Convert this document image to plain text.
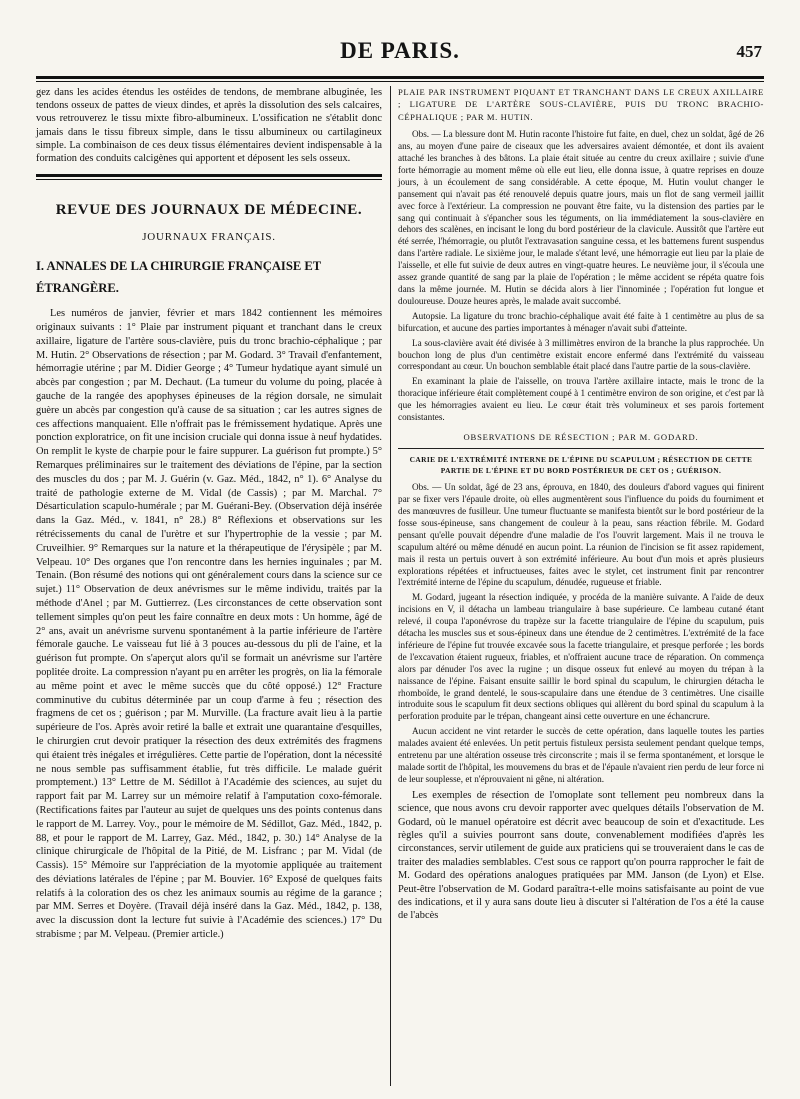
DE PARIS.	457

gez dans les acides étendus les ostéides de tendons, de membrane albuginée, les tendons osseux de pattes de vieux dindes, et après la dissolution des sels calcaires, vous retrouverez le tissu mixte fibro-albumineux. L'ossification ne s'établit donc jamais dans le tissu fibreux simple, dans le tissu albumineux ou cartilagineux simple. La combinaison de ces deux tissus élémentaires devient indispensable à la formation des conduits calcigènes qui apportent et déposent les sels osseux.

REVUE DES JOURNAUX DE MÉDECINE.
JOURNAUX FRANÇAIS.
I. ANNALES DE LA CHIRURGIE FRANÇAISE ET ÉTRANGÈRE.

Les numéros de janvier, février et mars 1842 contiennent les mémoires originaux suivants : 1° Plaie par instrument piquant et tranchant dans le creux axillaire, ligature de l'artère sous-clavière, puis du tronc brachio-céphalique ; par M. Hutin. 2° Observations de résection ; par M. Godard. 3° Travail d'enfantement, hémorragie utérine ; par M. Didier George ; 4° Tumeur hydatique ayant simulé un abcès par congestion ; par M. Dechaut. (La tumeur du volume du poing, placée à gauche de la rangée des apophyses épineuses de la région dorsale, ne simulait guère un abcès par congestion qu'à cause de sa situation ; car les autres signes de ces affections manquaient. Elle n'offrait pas le frémissement hydatique. Après une ponction exploratrice, on fit une incision cruciale qui donna issue à neuf hydatides. On remplit le kyste de charpie pour le faire suppurer. La guérison fut prompte.) 5° Remarques préliminaires sur le traitement des déviations de l'épine, par la section des muscles du dos ; par M. J. Guérin (v. Gaz. Méd., 1842, n° 1). 6° Analyse du traité de pathologie externe de M. Vidal (de Cassis) ; par M. Marchal. 7° Désarticulation scapulo-humérale ; par M. Guérani-Bey. (Observation déjà insérée dans la Gaz. Méd., v. 1841, n° 28.) 8° Réflexions et observations sur les rétrécissements du canal de l'urètre et sur l'hypertrophie de la vessie ; par M. Cruveilhier. 9° Remarques sur la nature et la thérapeutique de l'érysipèle ; par M. Velpeau. 10° Des organes que l'on rencontre dans les hernies inguinales ; par M. Tenain. (Bon résumé des notions qui ont généralement cours dans la science sur ce sujet.) 11° Observation de deux anévrismes sur le même individu, traités par la méthode d'Anel ; par M. Guttierrez. (Les circonstances de cette observation sont tellement simples qu'on peut les faire connaître en deux mots : Un homme, âgé de 2° ans, avait un anévrisme survenu spontanément à la partie inférieure de l'artère fémorale gauche. Le vaisseau fut lié à 3 pouces au-dessous du pli de l'aine, et la guérison fut prompte. On s'aperçut alors qu'il se formait un anévrisme sur l'artère poplitée droite. La compression n'ayant pu en arrêter les progrès, on lia la fémorale au même point et avec le même succès que du côté opposé.) 12° Fracture comminutive du cubitus déterminée par un coup d'arme à feu ; résection des fragmens de cet os ; guérison ; par M. Murville. (La fracture avait lieu à la partie supérieure de l'os. Après avoir retiré la balle et extrait une quarantaine d'esquilles, le chirurgien crut devoir pratiquer la résection des deux extrémités des fragmens qui étaient très inégales et irrégulières. Cette partie de l'opération, dont la nécessité ne nous semble pas suffisamment établie, fut très difficile. Le malade guérit promptement.) 13° Lettre de M. Sédillot à l'Académie des sciences, au sujet du rapport fait par M. Larrey sur un mémoire relatif à l'amputation coxo-fémorale. (Rectifications faites par l'auteur au sujet de quelques uns des points contenus dans le rapport de M. Larrey. Voy., pour le mémoire de M. Sédillot, Gaz. Méd., 1842, p. 88, et pour le rapport de M. Larrey, Gaz. Méd., 1842, p. 30.) 14° Analyse de la clinique chirurgicale de l'hôpital de la Pitié, de M. Lisfranc ; par M. Vidal (de Cassis). 15° Mémoire sur l'appréciation de la myotomie appliquée au traitement des déviations latérales de l'épine ; par M. Bouvier. 16° Exposé de quelques faits relatifs à la coloration des os chez les animaux soumis au régime de la garance ; par MM. Serres et Doyère. (Travail déjà inséré dans la Gaz. Méd., 1842, p. 138, avec la discussion dont la lecture fut suivie à l'Académie des sciences.) 17° Du strabisme ; par M. Velpeau. (Premier article.)

PLAIE PAR INSTRUMENT PIQUANT ET TRANCHANT DANS LE CREUX AXILLAIRE ; LIGATURE DE L'ARTÈRE SOUS-CLAVIÈRE, PUIS DU TRONC BRACHIO-CÉPHALIQUE ; PAR M. HUTIN.

Obs. — La blessure dont M. Hutin raconte l'histoire fut faite, en duel, chez un soldat, âgé de 26 ans, au moyen d'une paire de ciseaux que les adversaires avaient démontée, et dont ils avaient attaché les branches à des bâtons. La plaie était située au centre du creux axillaire ; suivie d'une forte hémorragie au moment même où elle eut lieu, elle donna issue, à quatre reprises en douze jours, à un écoulement de sang considérable. A cette époque, M. Hutin voulut changer le pansement qui n'avait pas été renouvelé depuis quatre jours, mais un flot de sang vermeil jaillit avec force à l'extérieur. La compression ne pouvant être faite, vu la distension des parties par le sang qui continuait à s'épancher sous les téguments, on lia immédiatement la sous-clavière en dehors des scalènes, en incisant le long du bord postérieur de la clavicule. Aussitôt que l'artère eut été serrée, l'hémorragie, ou plutôt l'extravasation sanguine cessa, et les battemens furent suspendus dans l'artère radiale. Le sixième jour, le malade s'étant levé, une hémorragie eut lieu par la plaie de l'aisselle, et elle fut suivie de deux autres en vingt-quatre heures. Le neuvième jour, il s'écoula une assez grande quantité de sang par la plaie de l'opération ; le même accident se répéta quatre fois dans la même journée. M. Hutin se décida alors à lier l'innominée ; l'opération fut longue et douloureuse. Douze heures après, le malade avait succombé.

Autopsie. La ligature du tronc brachio-céphalique avait été faite à 1 centimètre au plus de sa bifurcation, et aucune des parties importantes à ménager n'avait subi d'atteinte.

La sous-clavière avait été divisée à 3 millimètres environ de la branche la plus rapprochée. Un bouchon long de plus d'un centimètre existait encore enfermé dans l'extrémité du vaisseau correspondant au cœur. Un bouchon semblable était placé dans l'autre partie de la sous-clavière.

En examinant la plaie de l'aisselle, on trouva l'artère axillaire intacte, mais le tronc de la thoracique inférieure était complètement coupé à 1 centimètre environ de son origine, et c'est par là que les hémorragies avaient eu lieu. Le cœur était très volumineux et ses parois fortement consistantes.

OBSERVATIONS DE RÉSECTION ; PAR M. GODARD.
CARIE DE L'EXTRÉMITÉ INTERNE DE L'ÉPINE DU SCAPULUM ; RÉSECTION DE CETTE PARTIE DE L'ÉPINE ET DU BORD POSTÉRIEUR DE CET OS ; GUÉRISON.

Obs. — Un soldat, âgé de 23 ans, éprouva, en 1840, des douleurs d'abord vagues qui finirent par se fixer vers l'épaule droite, où elles augmentèrent sous l'influence du poids du fourniment et des manœuvres de fusilleur. Une tumeur fluctuante se manifesta bientôt sur le bord postérieur de la fosse sous-épineuse, sans changement de couleur à la peau, sans réaction fébrile. M. Godard pensant qu'elle pouvait dépendre d'une maladie de l'os l'ouvrit largement. Mais il ne trouva le scapulum altéré ou même dénudé en aucun point. La réunion de l'incision se fit assez rapidement, mais il resta un pertuis ouvert à son extrémité inférieure. Au bout d'un mois et après plusieurs explorations répétées et infructueuses, faites avec le stylet, cet instrument finit par rencontrer l'extrémité interne de l'épine du scapulum, dénudée, rugueuse et friable.

M. Godard, jugeant la résection indiquée, y procéda de la manière suivante. A l'aide de deux incisions en V, il détacha un lambeau triangulaire à base supérieure. Ce lambeau cutané étant relevé, il coupa l'aponévrose du trapèze sur la facette triangulaire de l'épine du scapulum, puis détacha les muscles sus et sous-épineux dans une étendue de 2 centimètres. L'extrémité de la face inférieure de l'épine fut trouvée excavée sous la facette triangulaire, et presque perforée ; les bords de l'excavation étaient rugueux, friables, et n'offraient aucune trace de réparation. On commença alors par dénuder l'os avec la rugine ; un disque osseux fut enlevé au moyen du trépan à la naissance de l'épine. Faisant ensuite saillir le bord spinal du scapulum, le chirurgien détacha le rhomboïde, le grand dentelé, le sous-scapulaire dans une étendue de 3 centimètres. Une cisaille introduite sous le scapulum fit deux sections obliques qui allèrent du bord spinal du scapulum à la perforation produite par le trépan, changeant ainsi cette ouverture en une échancrure.

Aucun accident ne vint retarder le succès de cette opération, dans laquelle toutes les parties malades avaient été enlevées. Un petit pertuis fistuleux persista seulement pendant quelque temps, entretenu par une altération osseuse très circonscrite ; mais il se ferma spontanément, et lorsque le malade sortit de l'hôpital, les mouvemens du bras et de l'épaule n'avaient rien perdu de leur force ni de leur souplesse, et n'éprouvaient ni gêne, ni altération.

Les exemples de résection de l'omoplate sont tellement peu nombreux dans la science, que nous avons cru devoir rapporter avec quelques détails l'observation de M. Godard, où le manuel opératoire est décrit avec beaucoup de soin et d'exactitude. Les règles qu'il a suivies pourront sans doute, convenablement modifiées d'après les circonstances, servir utilement de guide aux praticiens qui se trouveraient dans le cas de traiter des maladies semblables. C'est sous ce rapport qu'on pourra rapprocher le fait de M. Godard des opérations analogues pratiquées par MM. Janson (de Lyon) et Else. Peut-être l'observation de M. Godard paraîtra-t-elle moins satisfaisante au point de vue des indications, et il y aura sans doute lieu à discuter si l'altération de l'os a été la cause de l'abcès
